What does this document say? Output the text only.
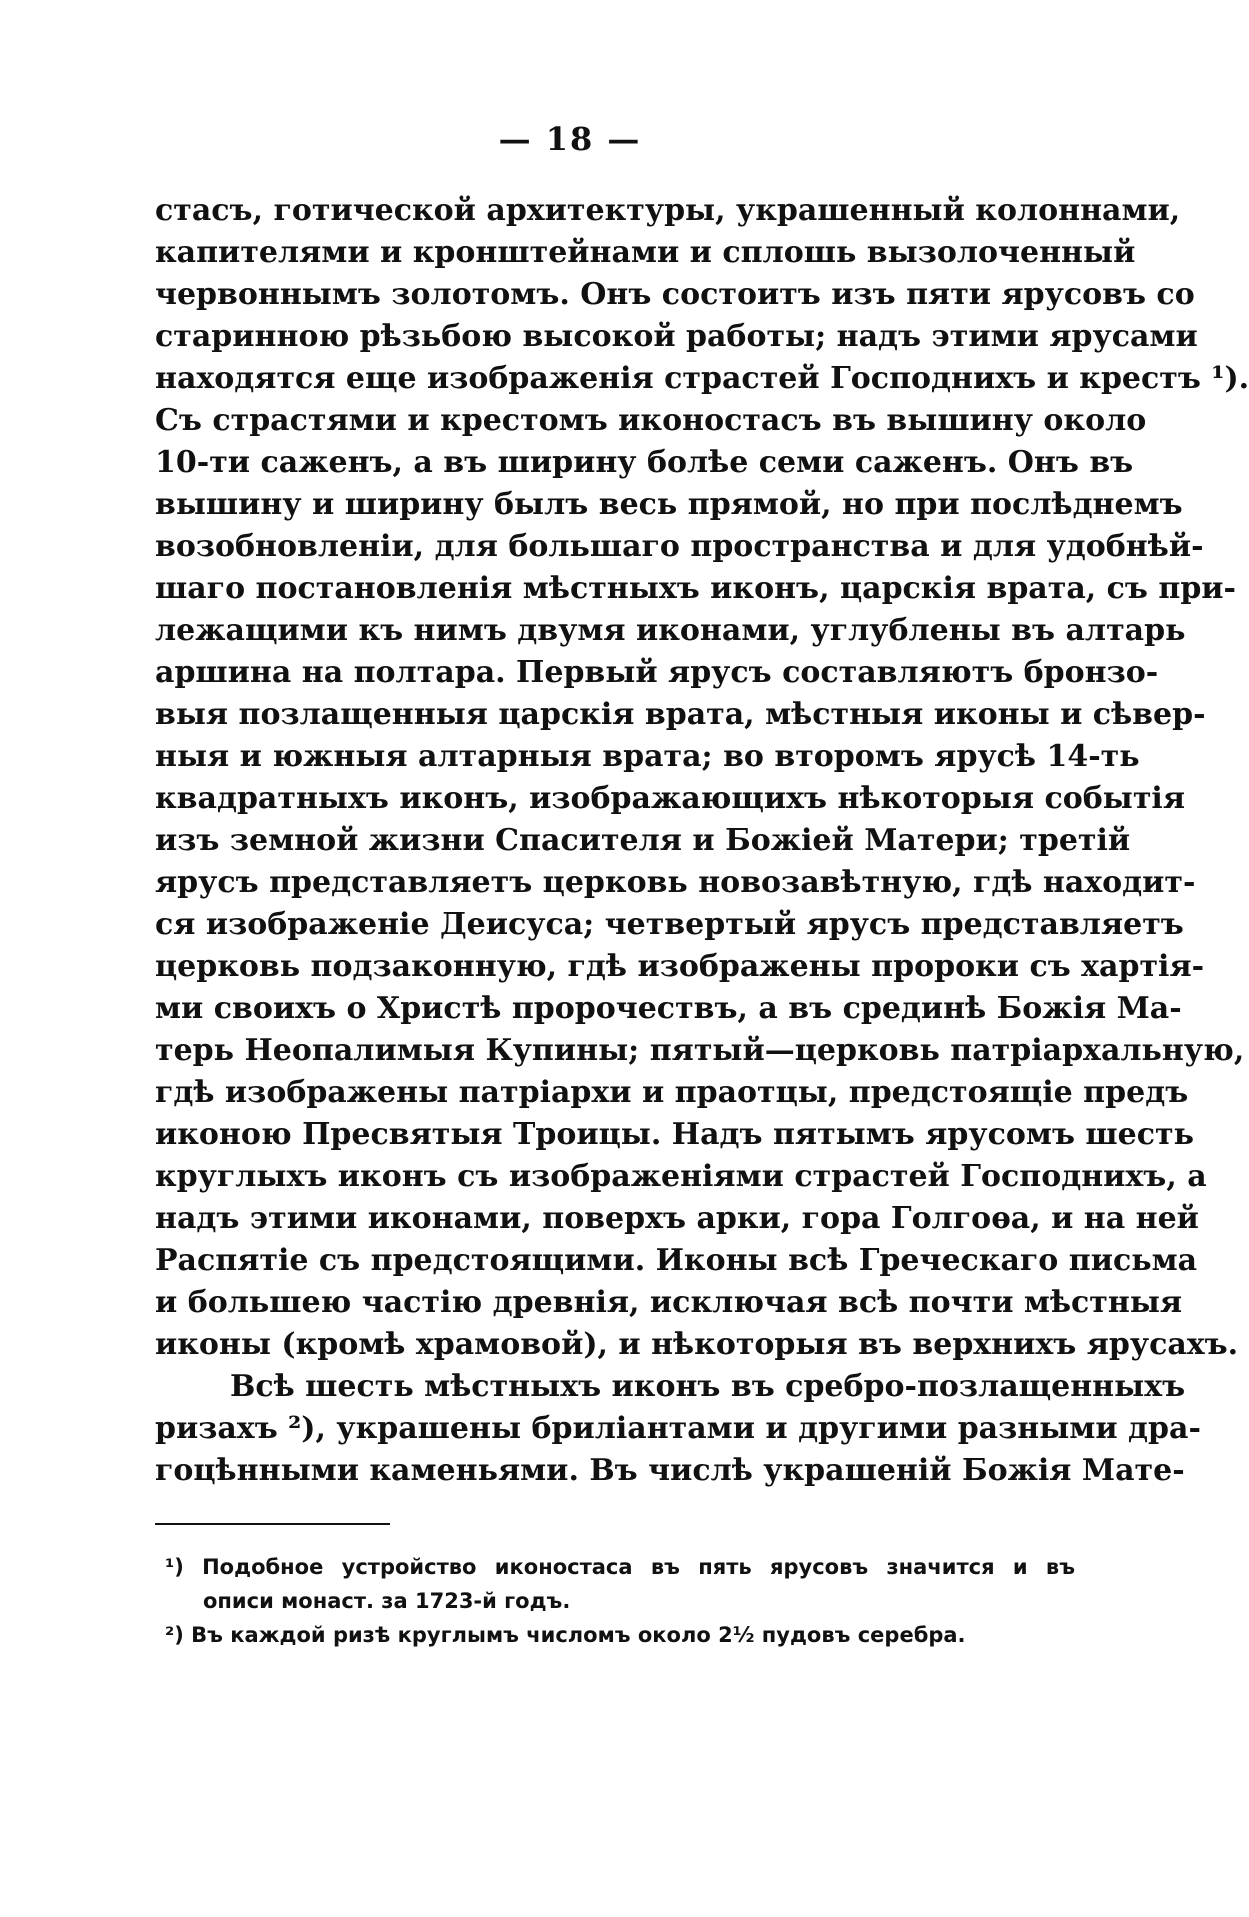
— 18 —
стасъ, готической архитектуры, украшенный колоннами,
капителями и кронштейнами и сплошь вызолоченный
червоннымъ золотомъ. Онъ состоитъ изъ пяти ярусовъ со
старинною рѣзьбою высокой работы; надъ этими ярусами
находятся еще изображенія страстей Господнихъ и крестъ ¹).
Съ страстями и крестомъ иконостасъ въ вышину около
10-ти саженъ, а въ ширину болѣе семи саженъ. Онъ въ
вышину и ширину былъ весь прямой, но при послѣднемъ
возобновленіи, для большаго пространства и для удобнѣй-
шаго постановленія мѣстныхъ иконъ, царскія врата, съ при-
лежащими къ нимъ двумя иконами, углублены въ алтарь
аршина на полтара. Первый ярусъ составляютъ бронзо-
выя позлащенныя царскія врата, мѣстныя иконы и сѣвер-
ныя и южныя алтарныя врата; во второмъ ярусѣ 14-ть
квадратныхъ иконъ, изображающихъ нѣкоторыя событія
изъ земной жизни Спасителя и Божіей Матери; третій
ярусъ представляетъ церковь новозавѣтную, гдѣ находит-
ся изображеніе Деисуса; четвертый ярусъ представляетъ
церковь подзаконную, гдѣ изображены пророки съ хартія-
ми своихъ о Христѣ пророчествъ, а въ срединѣ Божія Ма-
терь Неопалимыя Купины; пятый—церковь патріархальную,
гдѣ изображены патріархи и праотцы, предстоящіе предъ
иконою Пресвятыя Троицы. Надъ пятымъ ярусомъ шесть
круглыхъ иконъ съ изображеніями страстей Господнихъ, а
надъ этими иконами, поверхъ арки, гора Голгоѳа, и на ней
Распятіе съ предстоящими. Иконы всѣ Греческаго письма
и большею частію древнія, исключая всѣ почти мѣстныя
иконы (кромѣ храмовой), и нѣкоторыя въ верхнихъ ярусахъ.
Всѣ шесть мѣстныхъ иконъ въ сребро-позлащенныхъ
ризахъ ²), украшены бриліантами и другими разными дра-
гоцѣнными каменьями. Въ числѣ украшеній Божія Мате-
¹) Подобное устройство иконостаса въ пять ярусовъ значится и въ
описи монаст. за 1723-й годъ.
²) Въ каждой ризѣ круглымъ числомъ около 2½ пудовъ серебра.
